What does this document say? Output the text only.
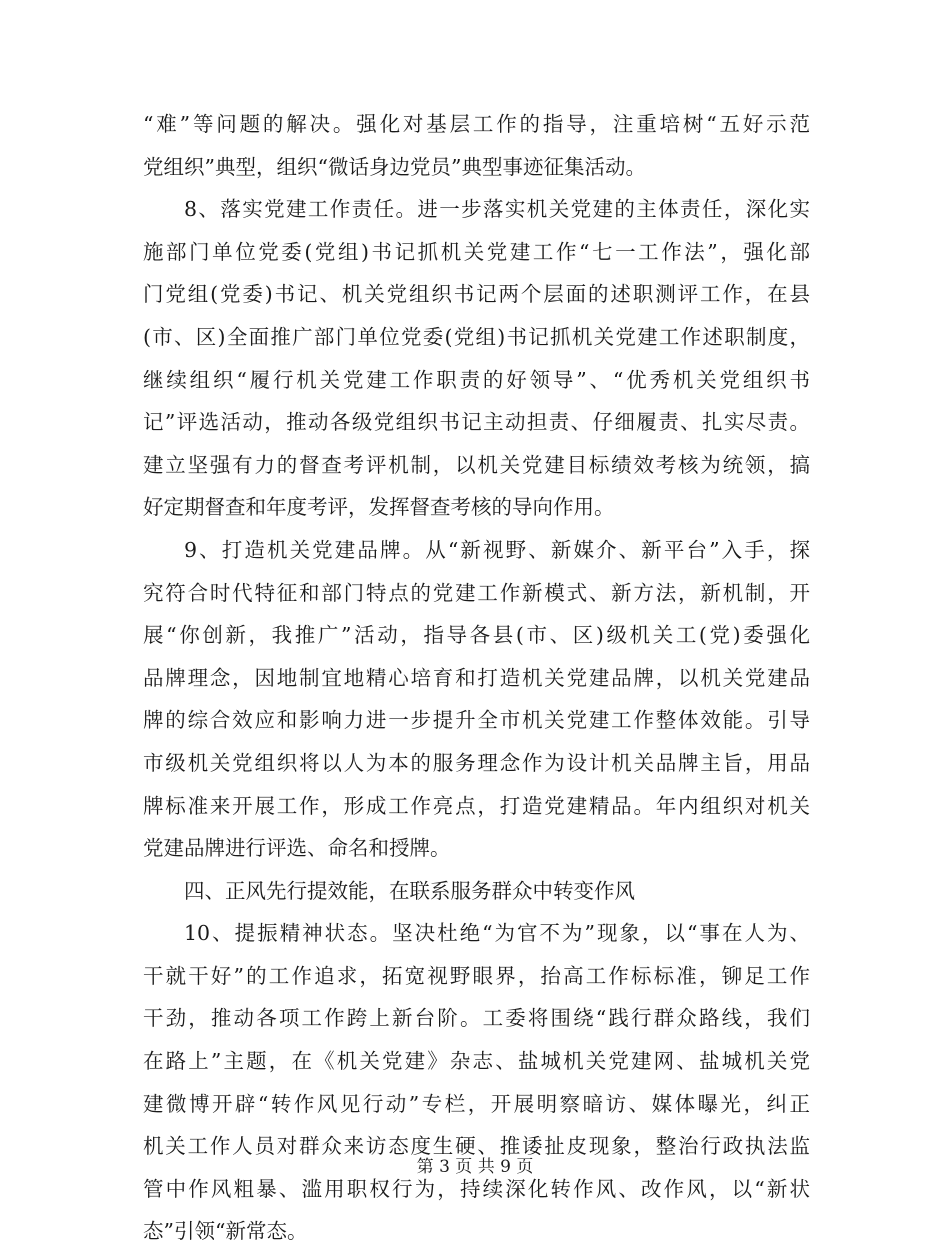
“难”等问题的解决。强化对基层工作的指导，注重培树“五好示范
党组织”典型，组织“微话身边党员”典型事迹征集活动。
8、落实党建工作责任。进一步落实机关党建的主体责任，深化实
施部门单位党委(党组)书记抓机关党建工作“七一工作法”，强化部
门党组(党委)书记、机关党组织书记两个层面的述职测评工作，在县
(市、区)全面推广部门单位党委(党组)书记抓机关党建工作述职制度，
继续组织“履行机关党建工作职责的好领导”、“优秀机关党组织书
记”评选活动，推动各级党组织书记主动担责、仔细履责、扎实尽责。
建立坚强有力的督查考评机制，以机关党建目标绩效考核为统领，搞
好定期督查和年度考评，发挥督查考核的导向作用。
9、打造机关党建品牌。从“新视野、新媒介、新平台”入手，探
究符合时代特征和部门特点的党建工作新模式、新方法，新机制，开
展“你创新，我推广”活动，指导各县(市、区)级机关工(党)委强化
品牌理念，因地制宜地精心培育和打造机关党建品牌，以机关党建品
牌的综合效应和影响力进一步提升全市机关党建工作整体效能。引导
市级机关党组织将以人为本的服务理念作为设计机关品牌主旨，用品
牌标准来开展工作，形成工作亮点，打造党建精品。年内组织对机关
党建品牌进行评选、命名和授牌。
四、正风先行提效能，在联系服务群众中转变作风
10、提振精神状态。坚决杜绝“为官不为”现象，以“事在人为、
干就干好”的工作追求，拓宽视野眼界，抬高工作标标准，铆足工作
干劲，推动各项工作跨上新台阶。工委将围绕“践行群众路线，我们
在路上”主题，在《机关党建》杂志、盐城机关党建网、盐城机关党
建微博开辟“转作风见行动”专栏，开展明察暗访、媒体曝光，纠正
机关工作人员对群众来访态度生硬、推诿扯皮现象，整治行政执法监
管中作风粗暴、滥用职权行为，持续深化转作风、改作风，以“新状
态”引领“新常态。
第 3 页 共 9 页
